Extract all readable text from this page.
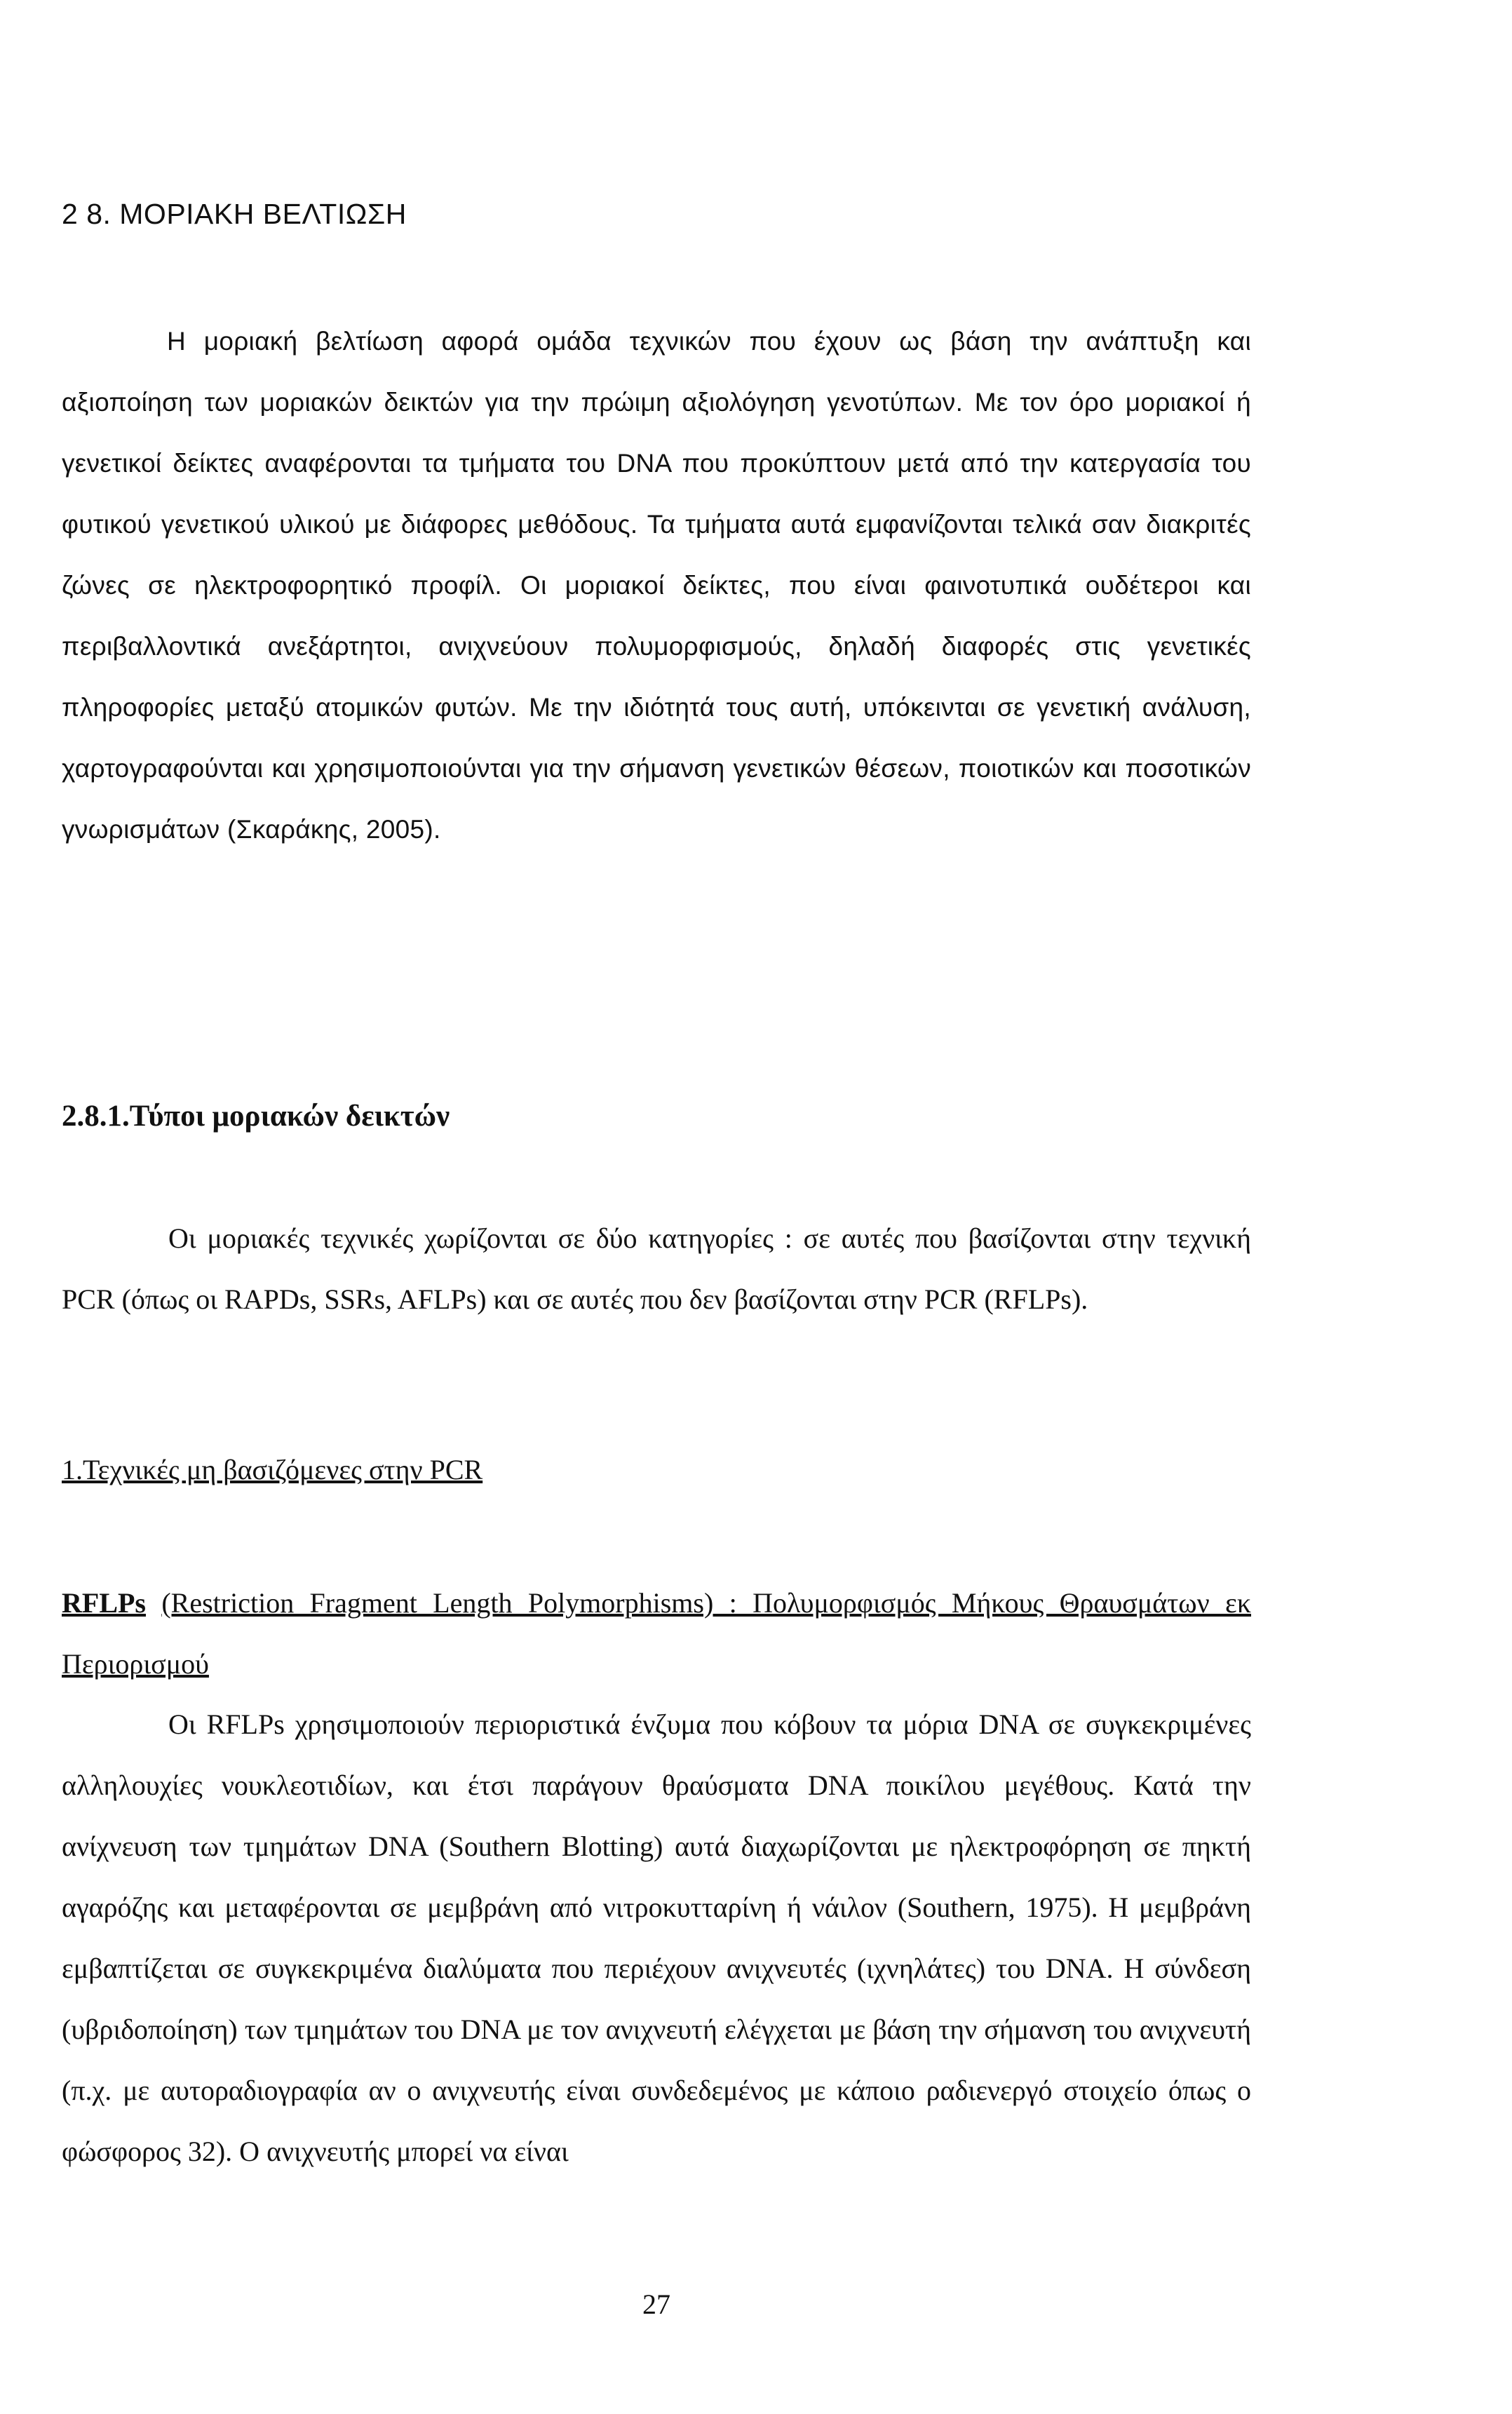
2 8. ΜΟΡΙΑΚΗ ΒΕΛΤΙΩΣΗ

Η μοριακή βελτίωση αφορά ομάδα τεχνικών που έχουν ως βάση την ανάπτυξη και αξιοποίηση των μοριακών δεικτών για την πρώιμη αξιολόγηση γενοτύπων. Με τον όρο μοριακοί ή γενετικοί δείκτες αναφέρονται τα τμήματα του DNA που προκύπτουν μετά από την κατεργασία του φυτικού γενετικού υλικού με διάφορες μεθόδους. Τα τμήματα αυτά εμφανίζονται τελικά σαν διακριτές ζώνες σε ηλεκτροφορητικό προφίλ. Οι μοριακοί δείκτες, που είναι φαινοτυπικά ουδέτεροι και περιβαλλοντικά ανεξάρτητοι, ανιχνεύουν πολυμορφισμούς, δηλαδή διαφορές στις γενετικές πληροφορίες μεταξύ ατομικών φυτών. Με την ιδιότητά τους αυτή, υπόκεινται σε γενετική ανάλυση, χαρτογραφούνται και χρησιμοποιούνται για την σήμανση γενετικών θέσεων, ποιοτικών και ποσοτικών γνωρισμάτων (Σκαράκης, 2005).

2.8.1.Τύποι μοριακών δεικτών

Οι μοριακές τεχνικές χωρίζονται σε δύο κατηγορίες : σε αυτές που βασίζονται στην τεχνική PCR (όπως οι RAPDs, SSRs, AFLPs) και σε αυτές που δεν βασίζονται στην PCR (RFLPs).

1.Τεχνικές μη βασιζόμενες στην PCR

RFLPs (Restriction Fragment Length Polymorphisms) : Πολυμορφισμός Μήκους Θραυσμάτων εκ Περιορισμού

Οι RFLPs χρησιμοποιούν περιοριστικά ένζυμα που κόβουν τα μόρια DNA σε συγκεκριμένες αλληλουχίες νουκλεοτιδίων, και έτσι παράγουν θραύσματα DNA ποικίλου μεγέθους. Κατά την ανίχνευση των τμημάτων DNA (Southern Blotting) αυτά διαχωρίζονται με ηλεκτροφόρηση σε πηκτή αγαρόζης και μεταφέρονται σε μεμβράνη από νιτροκυτταρίνη ή νάιλον (Southern, 1975). Η μεμβράνη εμβαπτίζεται σε συγκεκριμένα διαλύματα που περιέχουν ανιχνευτές (ιχνηλάτες) του DNA. Η σύνδεση (υβριδοποίηση) των τμημάτων του DNA με τον ανιχνευτή ελέγχεται με βάση την σήμανση του ανιχνευτή (π.χ. με αυτοραδιογραφία αν ο ανιχνευτής είναι συνδεδεμένος με κάποιο ραδιενεργό στοιχείο όπως ο φώσφορος 32). Ο ανιχνευτής μπορεί να είναι

27
